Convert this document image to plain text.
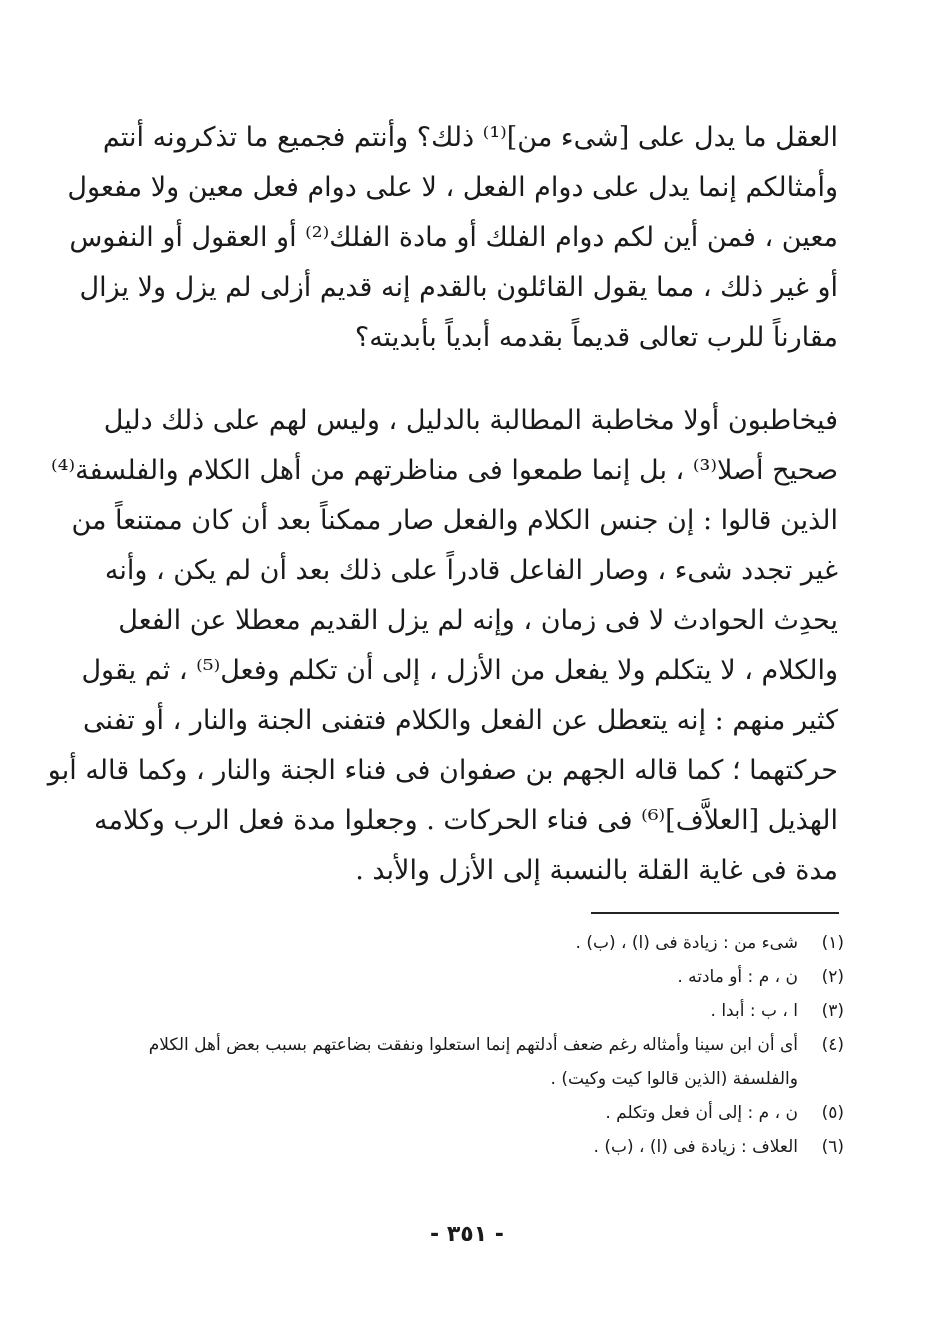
العقل ما يدل على [شىء من]⁽¹⁾ ذلك؟ وأنتم فجميع ما تذكرونه أنتم
وأمثالكم إنما يدل على دوام الفعل ، لا على دوام فعل معين ولا مفعول
معين ، فمن أين لكم دوام الفلك أو مادة الفلك⁽²⁾ أو العقول أو النفوس
أو غير ذلك ، مما يقول القائلون بالقدم إنه قديم أزلى لم يزل ولا يزال
مقارناً للرب تعالى قديماً بقدمه أبدياً بأبديته؟
فيخاطبون أولا مخاطبة المطالبة بالدليل ، وليس لهم على ذلك دليل
صحيح أصلا⁽³⁾ ، بل إنما طمعوا فى مناظرتهم من أهل الكلام والفلسفة⁽⁴⁾
الذين قالوا : إن جنس الكلام والفعل صار ممكناً بعد أن كان ممتنعاً من
غير تجدد شىء ، وصار الفاعل قادراً على ذلك بعد أن لم يكن ، وأنه
يحدِث الحوادث لا فى زمان ، وإنه لم يزل القديم معطلا عن الفعل
والكلام ، لا يتكلم ولا يفعل من الأزل ، إلى أن تكلم وفعل⁽⁵⁾ ، ثم يقول
كثير منهم : إنه يتعطل عن الفعل والكلام فتفنى الجنة والنار ، أو تفنى
حركتهما ؛ كما قاله الجهم بن صفوان فى فناء الجنة والنار ، وكما قاله أبو
الهذيل [العلاَّف]⁽⁶⁾ فى فناء الحركات . وجعلوا مدة فعل الرب وكلامه
مدة فى غاية القلة بالنسبة إلى الأزل والأبد .
(١)
شىء من : زيادة فى (ا) ، (ب) .
(٢)
ن ، م : أو مادته .
(٣)
ا ، ب : أبدا .
(٤)
أى أن ابن سينا وأمثاله رغم ضعف أدلتهم إنما استعلوا ونفقت بضاعتهم بسبب بعض أهل الكلام والفلسفة (الذين قالوا كيت وكيت) .
(٥)
ن ، م : إلى أن فعل وتكلم .
(٦)
العلاف : زيادة فى (ا) ، (ب) .
- ٣٥١ -
